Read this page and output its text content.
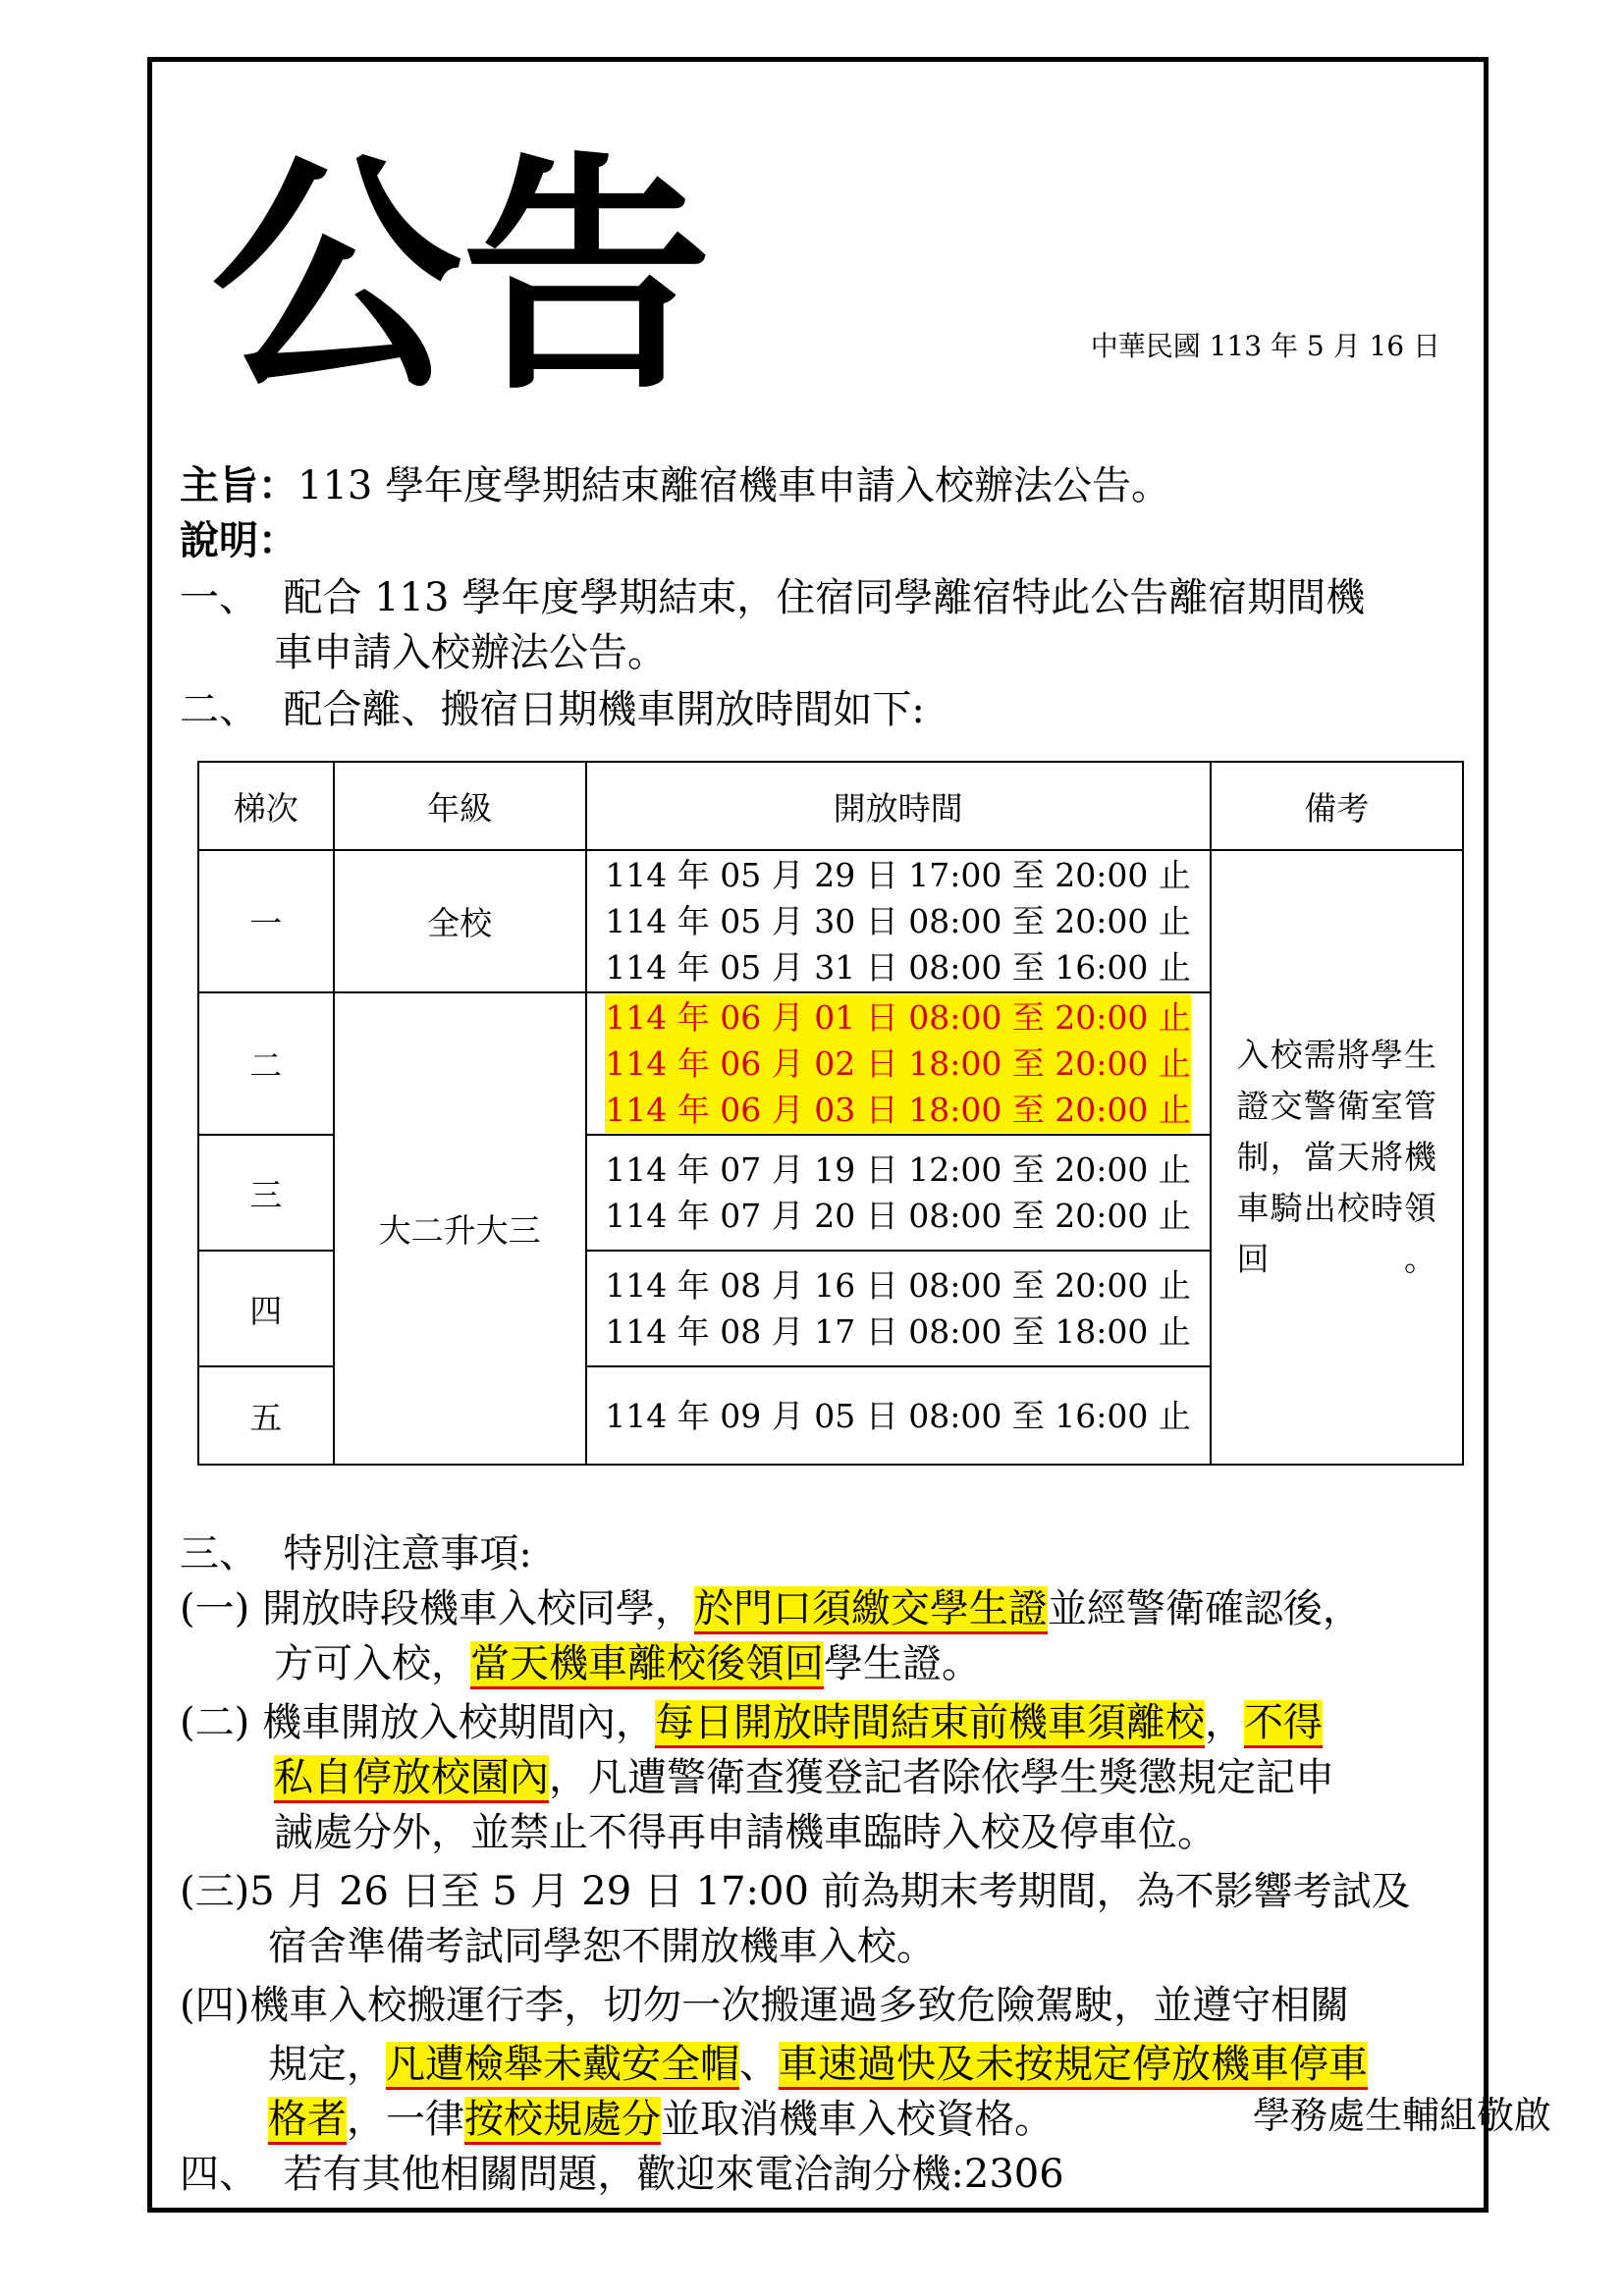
公告	中華民國 113 年 5 月 16 日
主旨：113 學年度學期結束離宿機車申請入校辦法公告。
說明：
一、 配合 113 學年度學期結束，住宿同學離宿特此公告離宿期間機
車申請入校辦法公告。
二、 配合離、搬宿日期機車開放時間如下:
梯次	年級	開放時間	備考
一	全校	114 年 05 月 29 日 17:00 至 20:00 止
114 年 05 月 30 日 08:00 至 20:00 止
114 年 05 月 31 日 08:00 至 16:00 止	入校需將學生證交警衛室管制，當天將機車騎出校時領回。

二	大二升大三	114 年 06 月 01 日 08:00 至 20:00 止
114 年 06 月 02 日 18:00 至 20:00 止
114 年 06 月 03 日 18:00 至 20:00 止	

三		114 年 07 月 19 日 12:00 至 20:00 止
114 年 07 月 20 日 08:00 至 20:00 止	

四		114 年 08 月 16 日 08:00 至 20:00 止
114 年 08 月 17 日 08:00 至 18:00 止	

五		114 年 09 月 05 日 08:00 至 16:00 止	
三、 特別注意事項:
(一) 開放時段機車入校同學，於門口須繳交學生證並經警衛確認後，
方可入校，當天機車離校後領回學生證。
(二) 機車開放入校期間內，每日開放時間結束前機車須離校，不得
私自停放校園內，凡遭警衛查獲登記者除依學生獎懲規定記申
誡處分外，並禁止不得再申請機車臨時入校及停車位。
(三)5 月 26 日至 5 月 29 日 17:00 前為期末考期間，為不影響考試及
宿舍準備考試同學恕不開放機車入校。
(四)機車入校搬運行李，切勿一次搬運過多致危險駕駛，並遵守相關
規定，凡遭檢舉未戴安全帽、車速過快及未按規定停放機車停車
格者，一律按校規處分並取消機車入校資格。
四、 若有其他相關問題，歡迎來電洽詢分機:2306
學務處生輔組敬啟
